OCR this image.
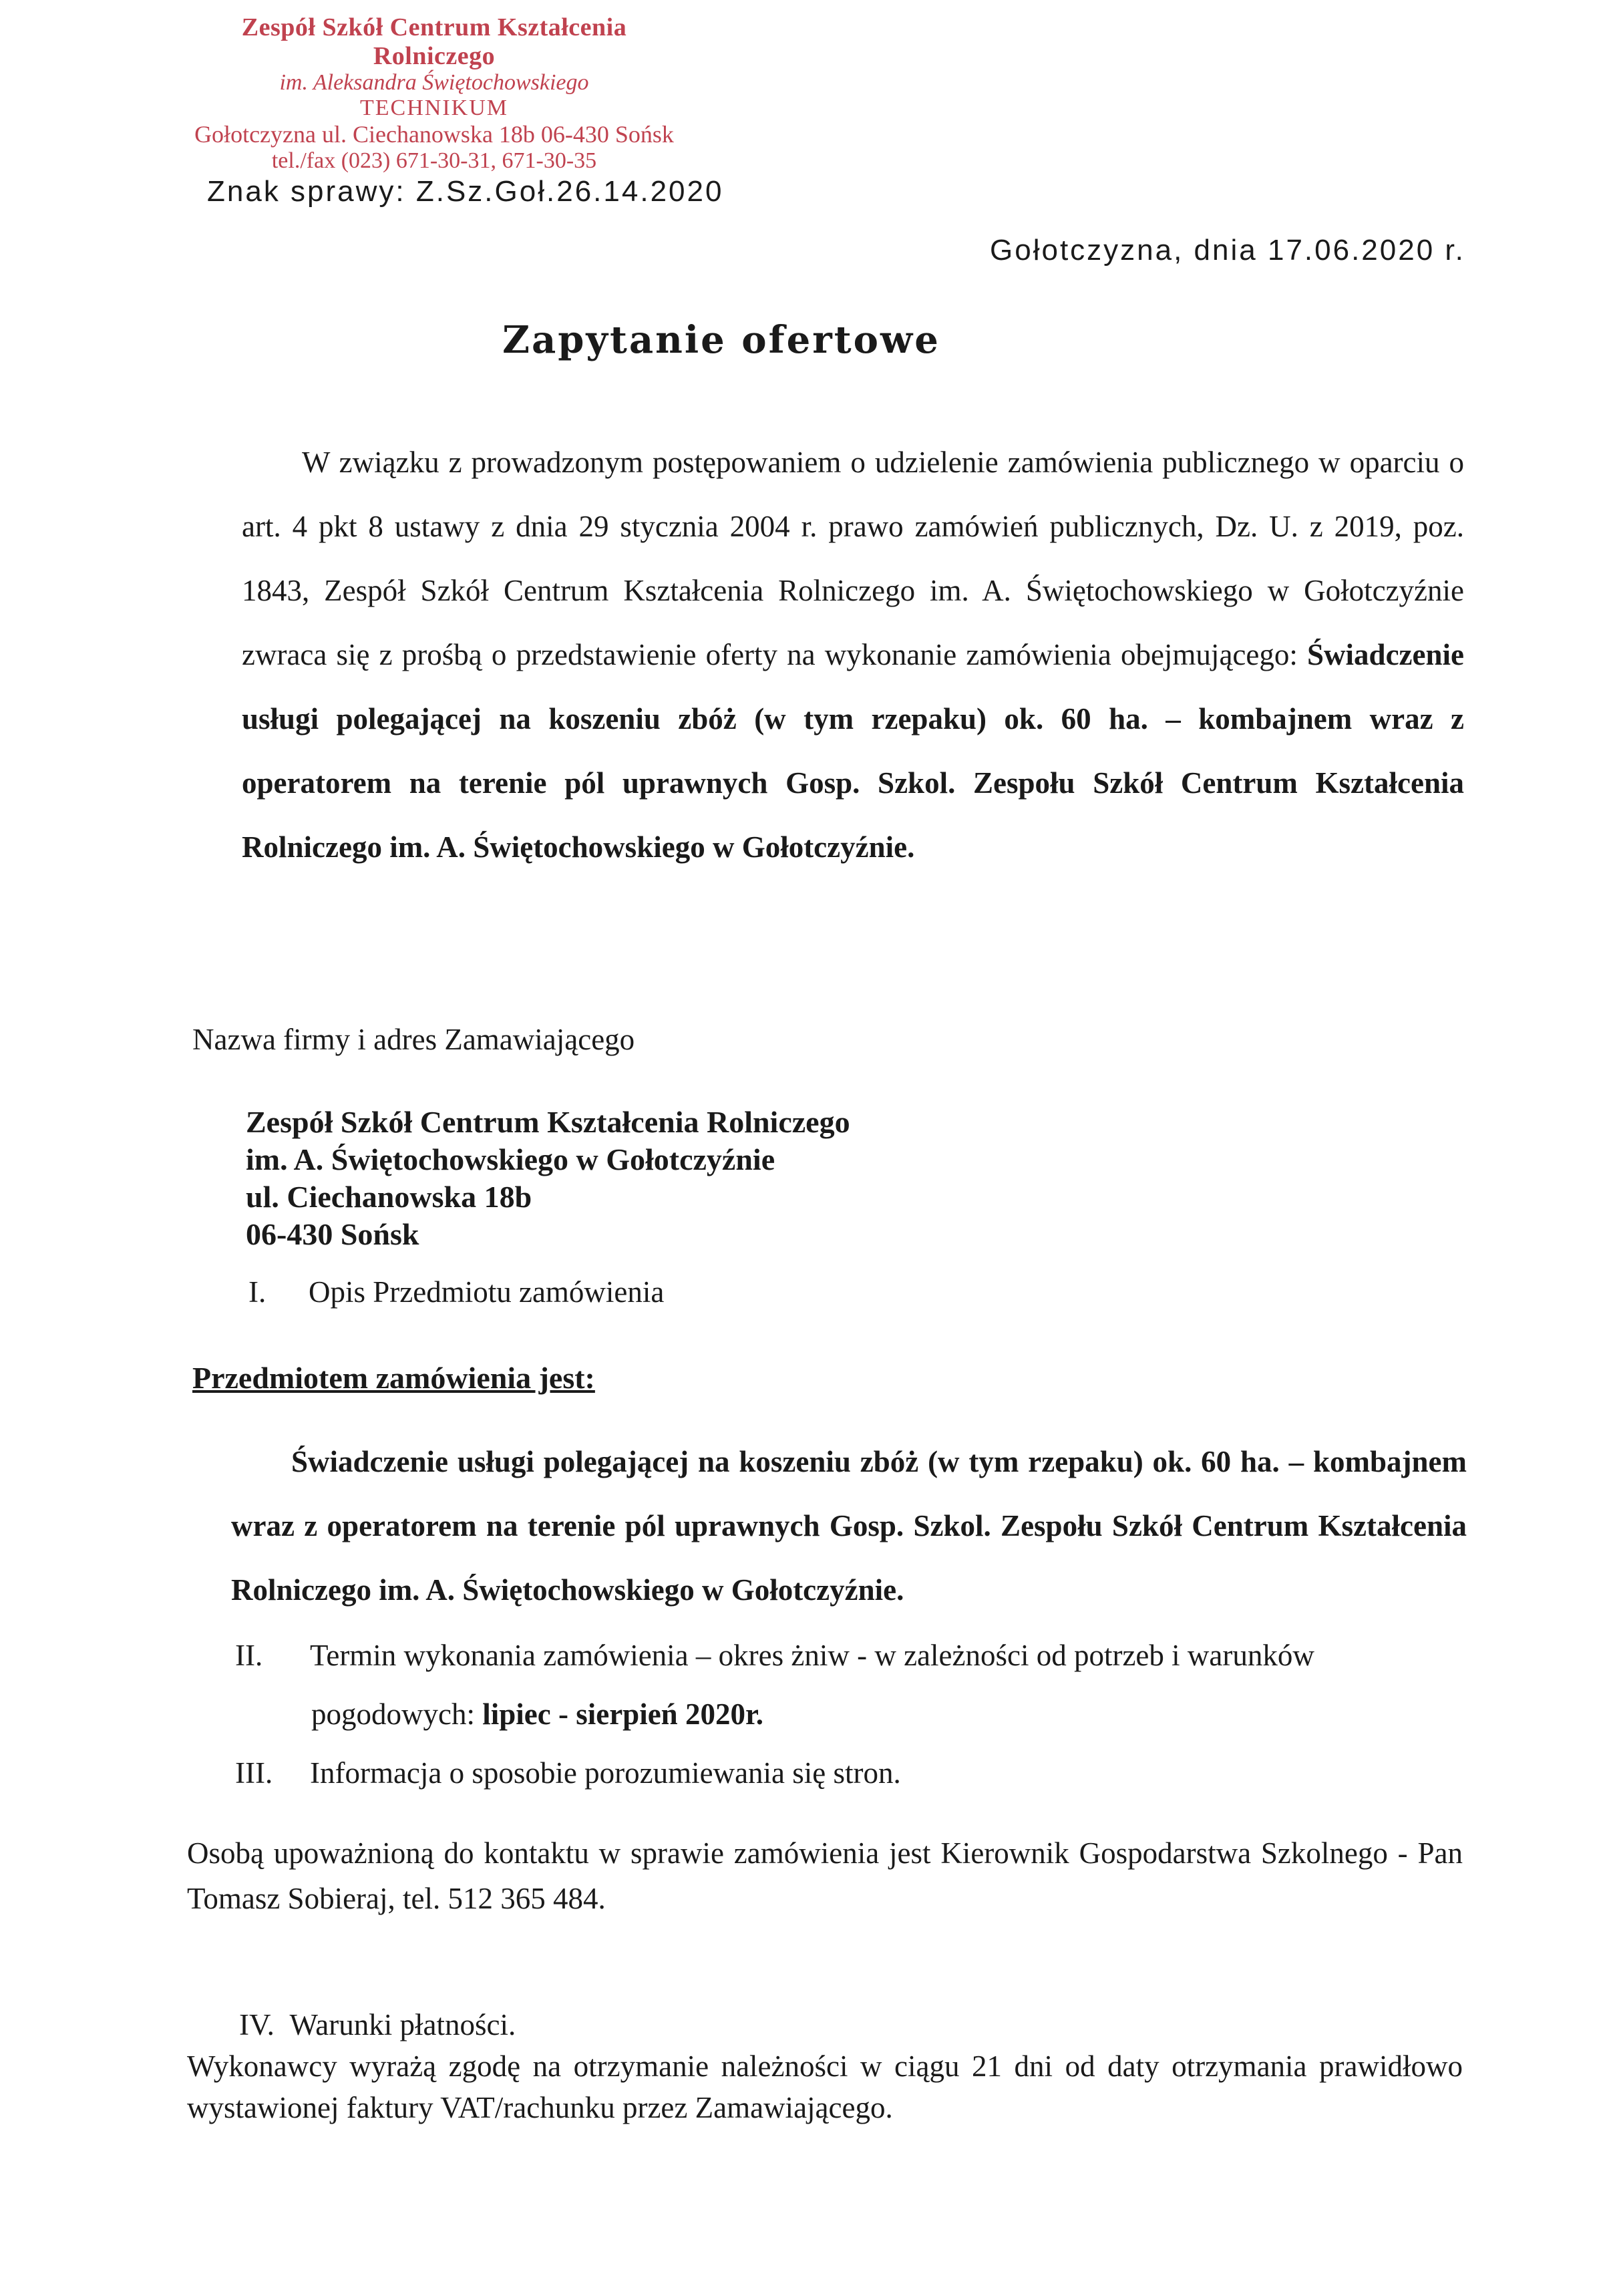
Zespół Szkół Centrum Kształcenia Rolniczego
im. Aleksandra Świętochowskiego
TECHNIKUM
Gołotczyzna ul. Ciechanowska 18b 06-430 Sońsk
tel./fax (023) 671-30-31, 671-30-35
Znak sprawy: Z.Sz.Goł.26.14.2020
Gołotczyzna, dnia 17.06.2020 r.
Zapytanie ofertowe
W związku z prowadzonym postępowaniem o udzielenie zamówienia publicznego w oparciu o art. 4 pkt 8 ustawy z dnia 29 stycznia 2004 r. prawo zamówień publicznych, Dz. U. z 2019, poz. 1843, Zespół Szkół Centrum Kształcenia Rolniczego im. A. Świętochowskiego w Gołotczyźnie zwraca się z prośbą o przedstawienie oferty na wykonanie zamówienia obejmującego: Świadczenie usługi polegającej na koszeniu zbóż (w tym rzepaku) ok. 60 ha. – kombajnem wraz z operatorem na terenie pól uprawnych Gosp. Szkol. Zespołu Szkół Centrum Kształcenia Rolniczego im. A. Świętochowskiego w Gołotczyźnie.
Nazwa firmy i adres Zamawiającego
Zespół Szkół Centrum Kształcenia Rolniczego
im. A. Świętochowskiego w Gołotczyźnie
ul. Ciechanowska 18b
06-430 Sońsk
I. Opis Przedmiotu zamówienia
Przedmiotem zamówienia jest:
Świadczenie usługi polegającej na koszeniu zbóż (w tym rzepaku) ok. 60 ha. – kombajnem wraz z operatorem na terenie pól uprawnych Gosp. Szkol. Zespołu Szkół Centrum Kształcenia Rolniczego im. A. Świętochowskiego w Gołotczyźnie.
II. Termin wykonania zamówienia – okres żniw - w zależności od potrzeb i warunków
pogodowych: lipiec - sierpień 2020r.
III. Informacja o sposobie porozumiewania się stron.
Osobą upoważnioną do kontaktu w sprawie zamówienia jest Kierownik Gospodarstwa Szkolnego - Pan Tomasz Sobieraj, tel. 512 365 484.
IV. Warunki płatności.
Wykonawcy wyrażą zgodę na otrzymanie należności w ciągu 21 dni od daty otrzymania prawidłowo wystawionej faktury VAT/rachunku przez Zamawiającego.
